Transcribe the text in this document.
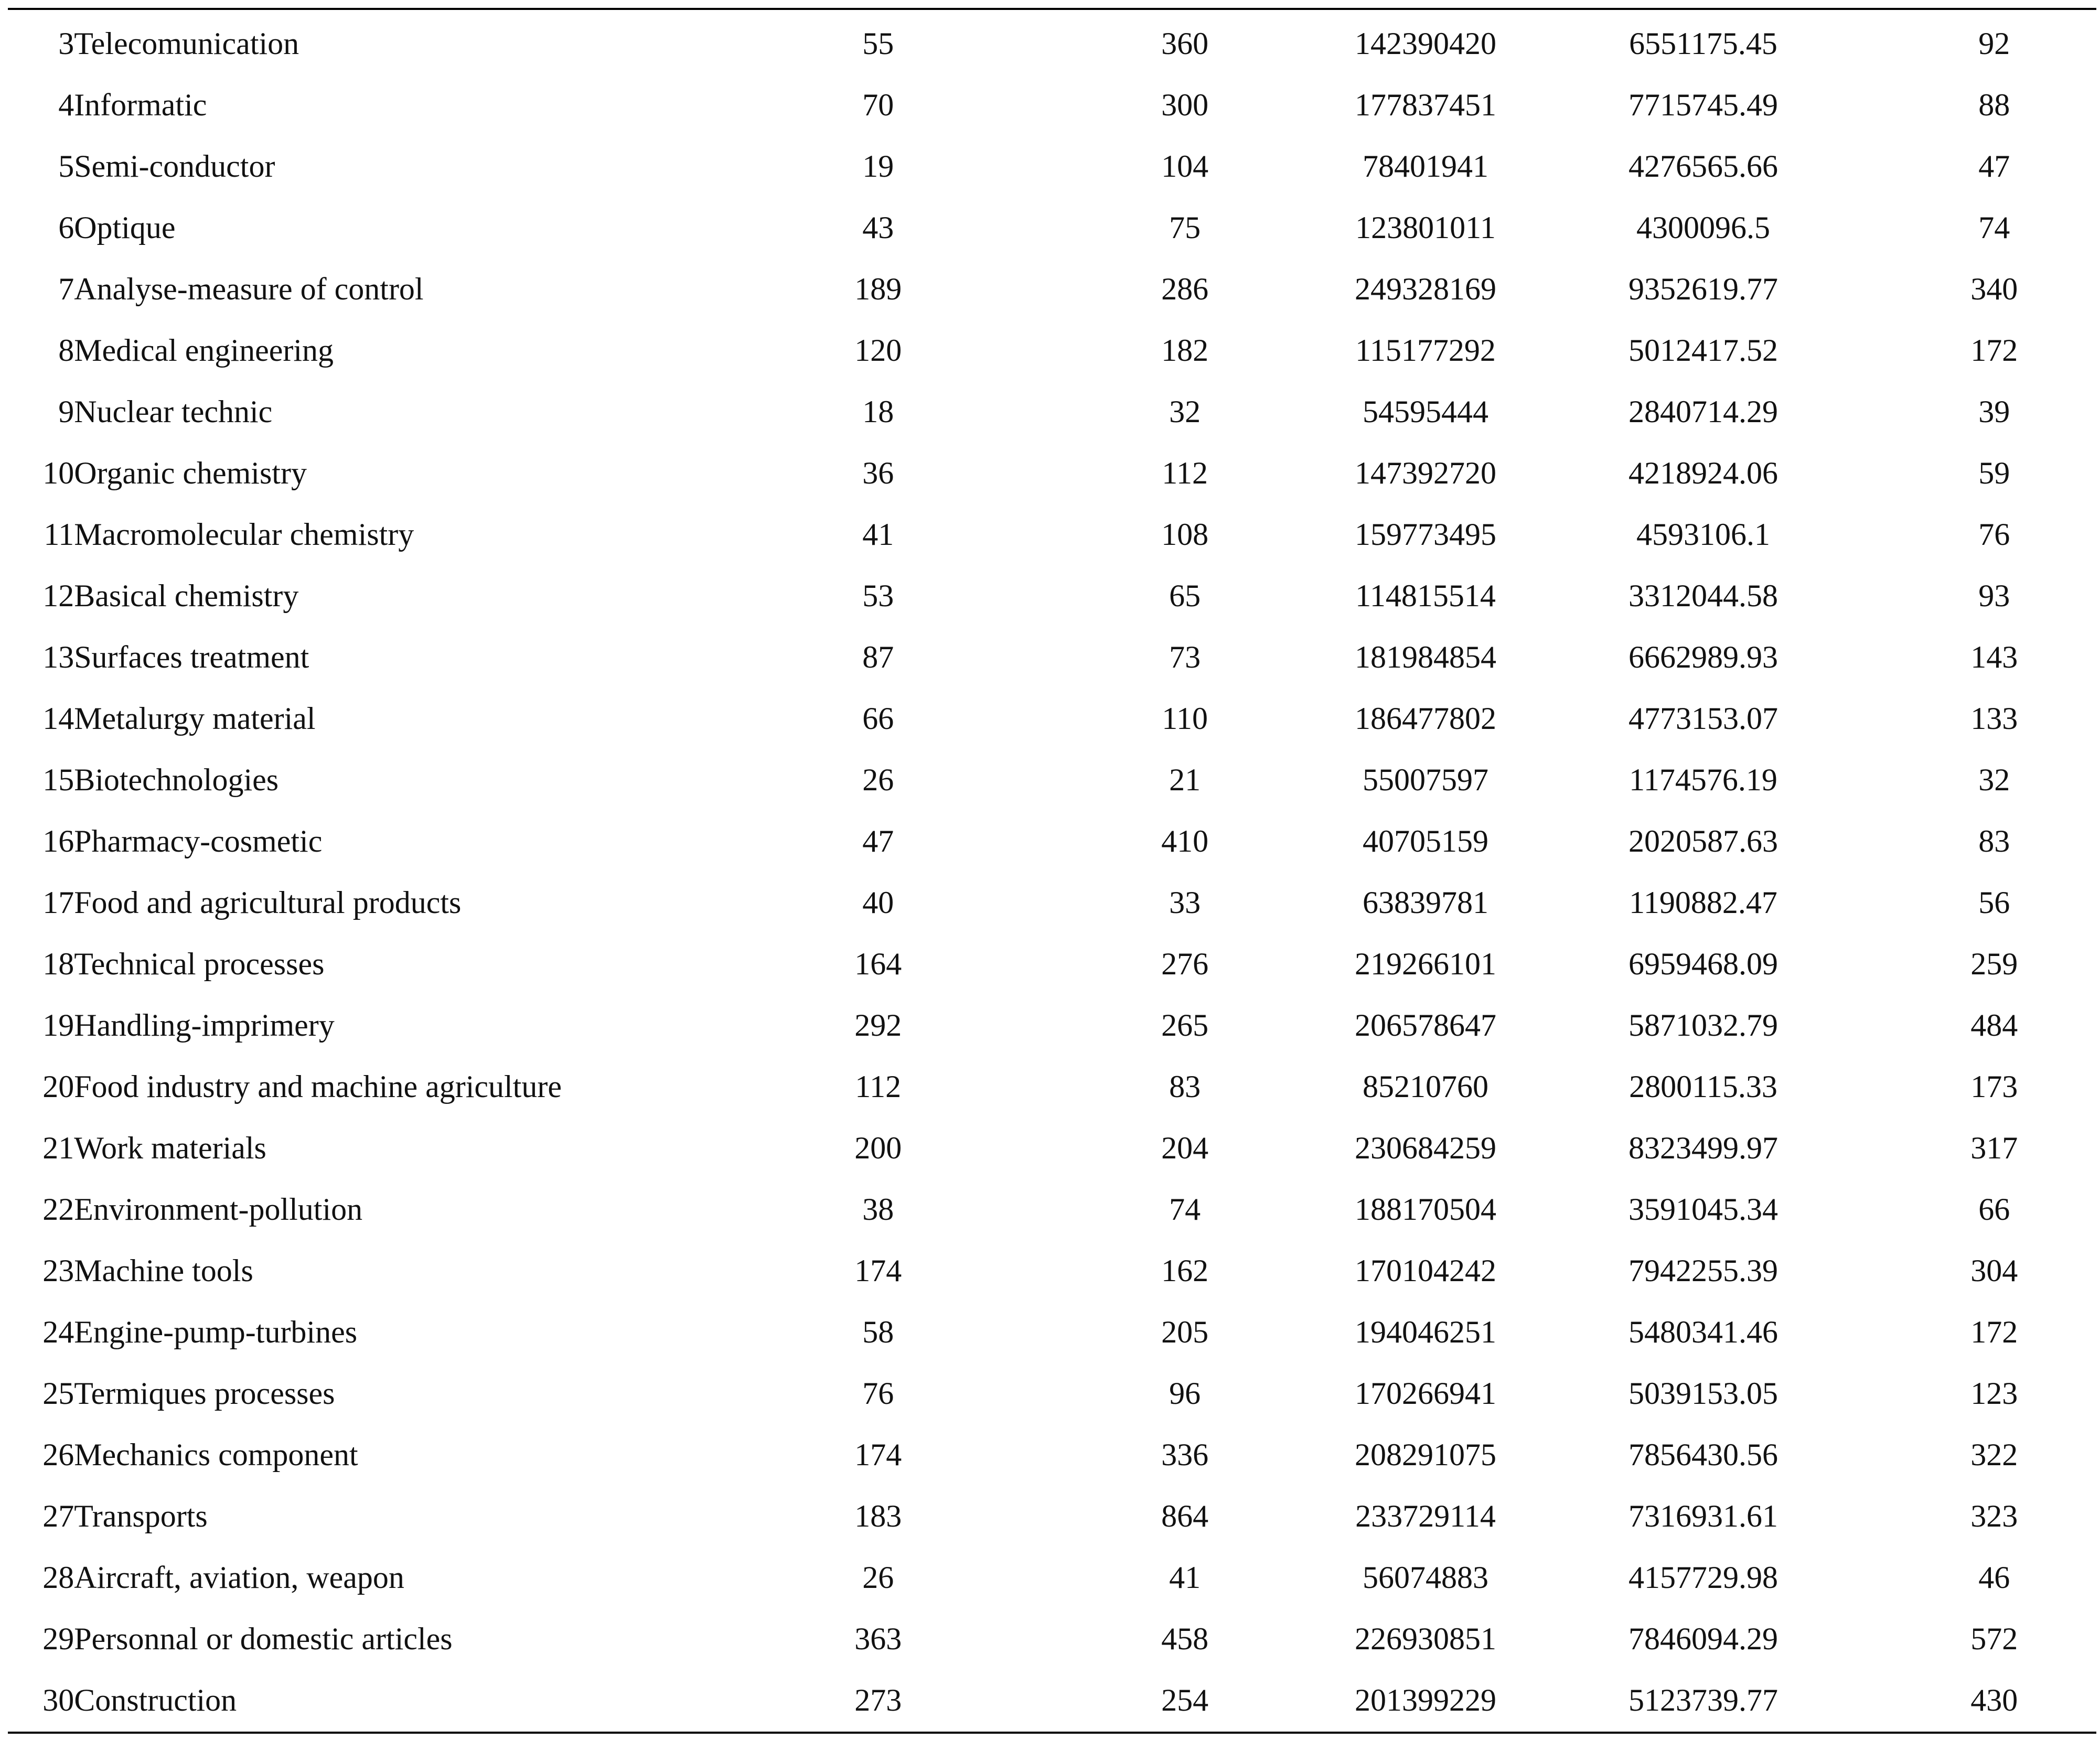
3	Telecomunication	55	360	142390420	6551175.45	92
4	Informatic	70	300	177837451	7715745.49	88
5	Semi-conductor	19	104	78401941	4276565.66	47
6	Optique	43	75	123801011	4300096.5	74
7	Analyse-measure of control	189	286	249328169	9352619.77	340
8	Medical engineering	120	182	115177292	5012417.52	172
9	Nuclear technic	18	32	54595444	2840714.29	39
10	Organic chemistry	36	112	147392720	4218924.06	59
11	Macromolecular chemistry	41	108	159773495	4593106.1	76
12	Basical chemistry	53	65	114815514	3312044.58	93
13	Surfaces treatment	87	73	181984854	6662989.93	143
14	Metalurgy material	66	110	186477802	4773153.07	133
15	Biotechnologies	26	21	55007597	1174576.19	32
16	Pharmacy-cosmetic	47	410	40705159	2020587.63	83
17	Food and agricultural products	40	33	63839781	1190882.47	56
18	Technical processes	164	276	219266101	6959468.09	259
19	Handling-imprimery	292	265	206578647	5871032.79	484
20	Food industry and machine agriculture	112	83	85210760	2800115.33	173
21	Work materials	200	204	230684259	8323499.97	317
22	Environment-pollution	38	74	188170504	3591045.34	66
23	Machine tools	174	162	170104242	7942255.39	304
24	Engine-pump-turbines	58	205	194046251	5480341.46	172
25	Termiques processes	76	96	170266941	5039153.05	123
26	Mechanics component	174	336	208291075	7856430.56	322
27	Transports	183	864	233729114	7316931.61	323
28	Aircraft, aviation, weapon	26	41	56074883	4157729.98	46
29	Personnal or domestic articles	363	458	226930851	7846094.29	572
30	Construction	273	254	201399229	5123739.77	430
